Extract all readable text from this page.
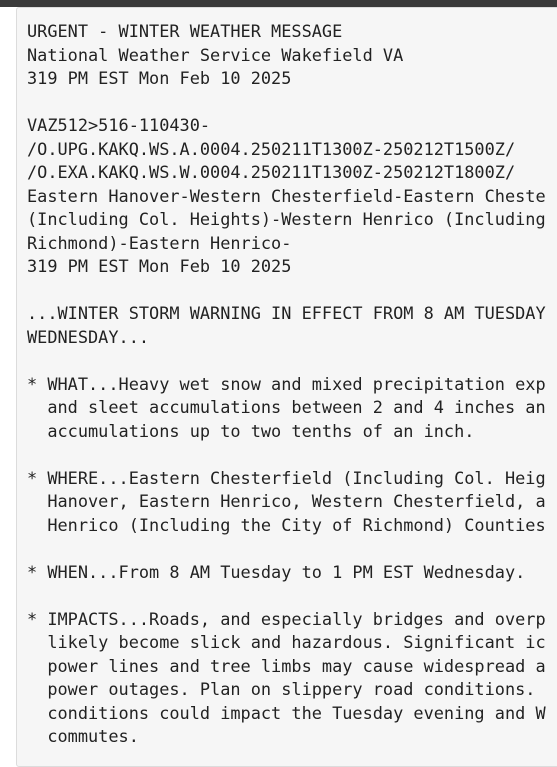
URGENT - WINTER WEATHER MESSAGE
National Weather Service Wakefield VA
319 PM EST Mon Feb 10 2025

VAZ512>516-110430-
/O.UPG.KAKQ.WS.A.0004.250211T1300Z-250212T1500Z/
/O.EXA.KAKQ.WS.W.0004.250211T1300Z-250212T1800Z/
Eastern Hanover-Western Chesterfield-Eastern Cheste
(Including Col. Heights)-Western Henrico (Including
Richmond)-Eastern Henrico-
319 PM EST Mon Feb 10 2025

...WINTER STORM WARNING IN EFFECT FROM 8 AM TUESDAY
WEDNESDAY...

* WHAT...Heavy wet snow and mixed precipitation exp
and sleet accumulations between 2 and 4 inches an
accumulations up to two tenths of an inch.

* WHERE...Eastern Chesterfield (Including Col. Heig
Hanover, Eastern Henrico, Western Chesterfield, a
Henrico (Including the City of Richmond) Counties

* WHEN...From 8 AM Tuesday to 1 PM EST Wednesday.

* IMPACTS...Roads, and especially bridges and overp
likely become slick and hazardous. Significant ic
power lines and tree limbs may cause widespread a
power outages. Plan on slippery road conditions.
conditions could impact the Tuesday evening and W
commutes.
